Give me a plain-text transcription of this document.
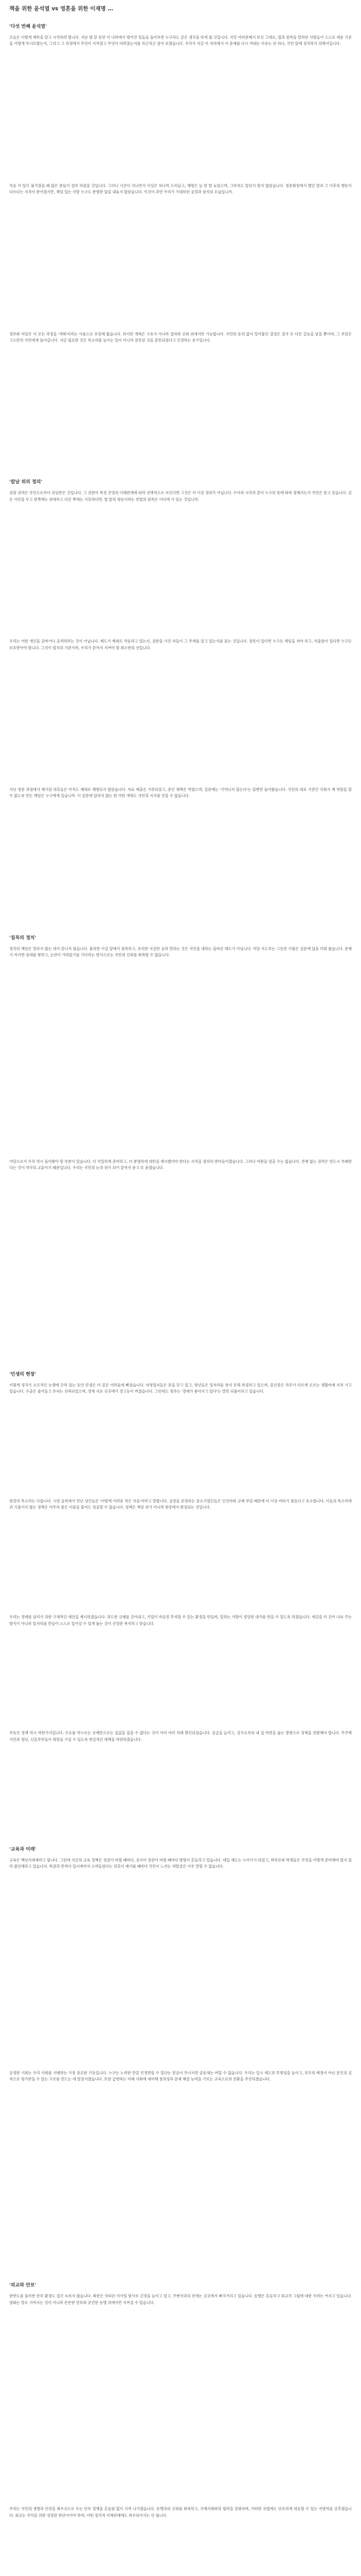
책을 위한 윤석열 vs 영혼을 위한 이재명 …
'다섯 번째 윤석열'

오늘은 이렇게 제목을 달고 시작하려 합니다. 지난 몇 달 동안 이 나라에서 벌어진 일들을 돌아보면 누구라도 같은 생각을 하게 될 것입니다. 국민 여러분께서 보신 그대로, 법과 원칙을 말하던 사람들이 스스로 세운 기준을 어떻게 무너뜨렸는지, 그리고 그 과정에서 무엇이 지켜졌고 무엇이 버려졌는지를 차근차근 짚어 보겠습니다. 우리가 지금 이 자리에서 이 문제를 다시 꺼내는 이유는 단 하나, 국민 앞에 정직하기 위해서입니다.

처음 이 일이 불거졌을 때 많은 분들이 설마 하셨을 것입니다. 그러나 시간이 지나면서 사실은 하나씩 드러났고, 해명은 늘 한 발 늦었으며, 그마저도 앞뒤가 맞지 않았습니다. 청문회장에서 했던 말과 그 이후의 행동이 다르다는 지적이 쏟아졌지만, 책임 있는 사람 누구도 분명한 답을 내놓지 않았습니다. 이것이 과연 우리가 기대하던 공정과 상식의 모습입니까.

정부와 여당은 이 모든 과정을 '개혁'이라는 이름으로 포장해 왔습니다. 하지만 개혁은 구호가 아니라 절차와 신뢰 위에서만 가능합니다. 국민의 동의 없이 밀어붙인 결정은 결국 또 다른 갈등을 낳을 뿐이며, 그 부담은 고스란히 국민에게 돌아갑니다. 지금 필요한 것은 목소리를 높이는 일이 아니라 잘못된 것을 잘못되었다고 인정하는 용기입니다.

'칼날 위의 정의'

검찰 권력은 국민으로부터 위임받은 것입니다. 그 권한이 특정 진영의 이해관계에 따라 선택적으로 쓰인다면 그것은 더 이상 정의가 아닙니다. 수사의 시작과 끝이 누구의 뜻에 따라 정해지는지 국민은 묻고 있습니다. 같은 사안을 두고 한쪽에는 관대하고 다른 쪽에는 가혹하다면, 법 앞의 평등이라는 헌법의 원칙은 어디에 서 있는 것입니까.

우리는 어떤 개인을 감싸거나 공격하려는 것이 아닙니다. 제도가 제대로 작동하고 있는지, 권한을 가진 자들이 그 무게를 알고 있는지를 묻는 것입니다. 잘못이 있다면 누구든 책임을 져야 하고, 억울함이 있다면 누구든 보호받아야 합니다. 그것이 법치의 기본이며, 우리가 끝까지 지켜야 할 최소한의 선입니다.

지난 청문 과정에서 제기된 의혹들은 아직도 제대로 해명되지 않았습니다. 자료 제출은 거부되었고, 증인 채택은 막혔으며, 질문에는 '기억나지 않는다'는 답변만 돌아왔습니다. 국민의 대표 기관인 국회가 제 역할을 할 수 없도록 만든 책임은 누구에게 있습니까. 이 질문에 답하지 않는 한 어떤 개혁도 국민의 지지를 얻을 수 없습니다.

'침묵의 정치'

정치의 책임은 말하지 않는 데서 끝나지 않습니다. 불리한 사실 앞에서 침묵하고, 유리한 사실만 골라 말하는 것은 국민을 대하는 올바른 태도가 아닙니다. 여당 지도부는 그동안 수많은 질문에 답을 미뤄 왔습니다. 문제가 커지면 상대를 탓하고, 논란이 가라앉기를 기다리는 방식으로는 국민의 신뢰를 회복할 수 없습니다.

야당으로서 우리 역시 돌아봐야 할 부분이 있습니다. 더 치밀하게 준비하고, 더 분명하게 대안을 제시했어야 한다는 지적을 겸허히 받아들이겠습니다. 그러나 비판을 멈출 수는 없습니다. 견제 없는 권력은 반드시 부패한다는 것이 역사의 교훈이기 때문입니다. 우리는 국민의 눈과 귀가 되어 끝까지 묻고 또 묻겠습니다.

'민생의 현장'

이렇게 정치가 소모적인 논쟁에 갇혀 있는 동안 민생은 더 깊은 어려움에 빠졌습니다. 자영업자들은 문을 닫고 있고, 청년들은 일자리를 찾지 못해 좌절하고 있으며, 중산층은 하루가 다르게 오르는 생활비에 지쳐 가고 있습니다. 수출은 줄어들고 투자는 위축되었으며, 경제 지표 곳곳에서 경고등이 켜졌습니다. 그런데도 정부는 '경제가 좋아지고 있다'는 말만 되풀이하고 있습니다.

현장의 목소리는 다릅니다. 시장 골목에서 만난 상인들은 '이렇게 어려운 적은 처음'이라고 말합니다. 공장을 운영하는 중소기업인들은 인건비와 규제 부담 때문에 더 이상 버티기 힘들다고 호소합니다. 이들의 목소리에 귀 기울이지 않는 정책은 아무리 좋은 이름을 붙여도 성공할 수 없습니다. 정책은 책상 위가 아니라 현장에서 완성되는 것입니다.

우리는 경제를 살리기 위한 구체적인 대안을 제시하겠습니다. 과도한 규제를 걷어내고, 기업이 마음껏 투자할 수 있는 환경을 만들며, 일하는 사람이 정당한 대가를 받을 수 있도록 하겠습니다. 세금을 더 걷어 나눠 주는 방식이 아니라 일자리를 만들어 스스로 일어설 수 있게 돕는 것이 진정한 복지라고 믿습니다.

부동산 정책 역시 마찬가지입니다. 수요를 억누르는 규제만으로는 집값을 잡을 수 없다는 것이 이미 여러 차례 확인되었습니다. 공급을 늘리고, 실수요자의 내 집 마련을 돕는 방향으로 정책을 전환해야 합니다. 무주택 서민과 청년, 신혼부부들이 희망을 가질 수 있도록 현실적인 대책을 마련하겠습니다.

'교육과 미래'

교육은 백년지대계라고 합니다. 그런데 지금의 교육 정책은 정권이 바뀔 때마다, 심지어 장관이 바뀔 때마다 방향이 흔들리고 있습니다. 대입 제도는 누더기가 되었고, 학부모와 학생들은 무엇을 어떻게 준비해야 할지 몰라 불안해하고 있습니다. 특권과 반칙이 입시에까지 스며들었다는 의혹이 제기될 때마다 국민이 느끼는 허탈감은 이루 말할 수 없습니다.

공정한 기회는 우리 사회를 지탱하는 가장 중요한 기둥입니다. 누구든 노력한 만큼 인정받을 수 있다는 믿음이 무너지면 공동체는 버틸 수 없습니다. 우리는 입시 제도의 투명성을 높이고, 부모의 배경이 아닌 본인의 실력으로 평가받을 수 있는 구조를 만드는 데 앞장서겠습니다. 또한 급변하는 미래 사회에 대비해 창의성과 문제 해결 능력을 기르는 교육으로의 전환을 추진하겠습니다.

'외교와 안보'

한반도를 둘러싼 안보 환경도 결코 녹록지 않습니다. 북한은 잇따른 미사일 발사로 긴장을 높이고 있고, 주변국과의 관계는 곳곳에서 삐걱거리고 있습니다. 동맹은 흔들리고 외교적 고립에 대한 우려는 커지고 있습니다. 평화는 말로 지켜지는 것이 아니라 튼튼한 안보와 굳건한 동맹 위에서만 지켜질 수 있습니다.

우리는 국민의 생명과 안전을 최우선으로 두는 안보 정책을 흔들림 없이 지켜 나가겠습니다. 동맹과의 신뢰를 회복하고, 국제사회와의 협력을 강화하며, 어떠한 위협에도 단호하게 대응할 수 있는 국방력을 갖추겠습니다. 외교는 국익을 위한 냉정한 판단이어야 하며, 어떤 정치적 이해관계에도 좌우되어서는 안 됩니다.
